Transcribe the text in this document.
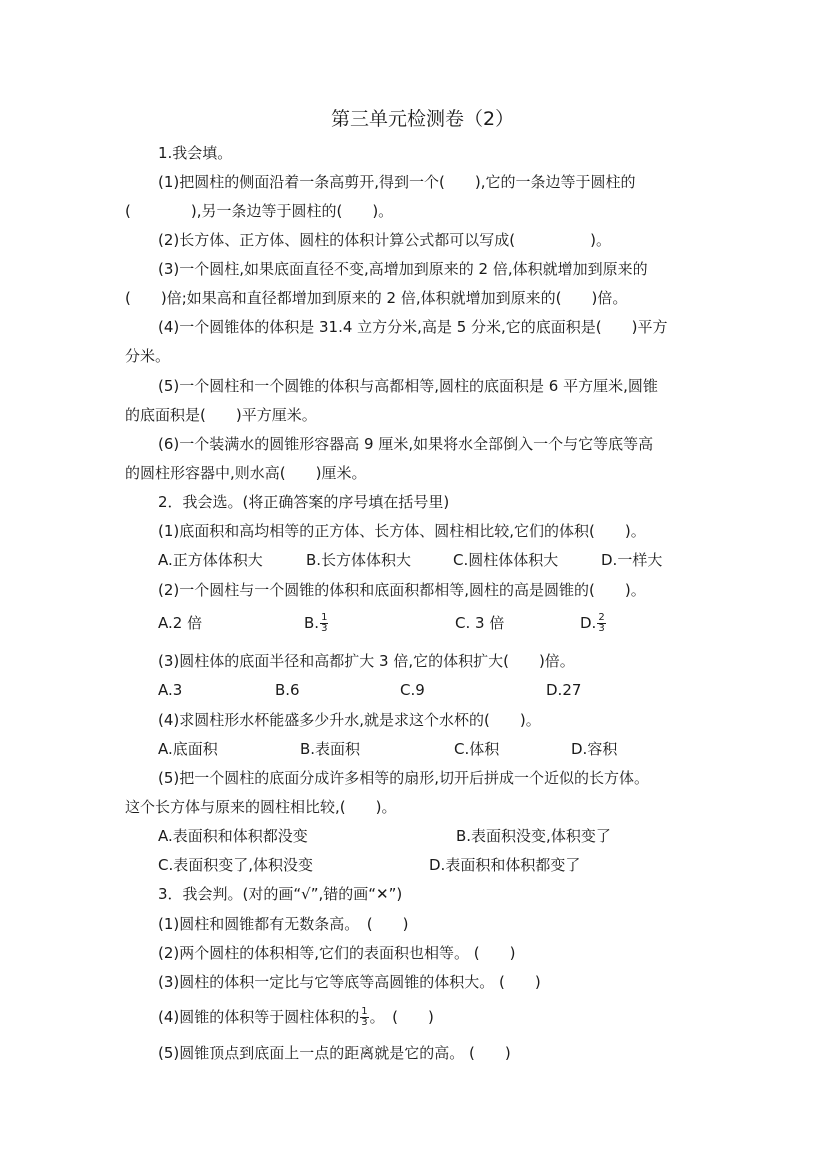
第三单元检测卷（2）
1.我会填。
(1)把圆柱的侧面沿着一条高剪开,得到一个(　　),它的一条边等于圆柱的
(　　　　),另一条边等于圆柱的(　　)。
(2)长方体、正方体、圆柱的体积计算公式都可以写成(　　　　　)。
(3)一个圆柱,如果底面直径不变,高增加到原来的 2 倍,体积就增加到原来的
(　　)倍;如果高和直径都增加到原来的 2 倍,体积就增加到原来的(　　)倍。
(4)一个圆锥体的体积是 31.4 立方分米,高是 5 分米,它的底面积是(　　)平方
分米。
(5)一个圆柱和一个圆锥的体积与高都相等,圆柱的底面积是 6 平方厘米,圆锥
的底面积是(　　)平方厘米。
(6)一个装满水的圆锥形容器高 9 厘米,如果将水全部倒入一个与它等底等高
的圆柱形容器中,则水高(　　)厘米。
2．我会选。(将正确答案的序号填在括号里)
(1)底面积和高均相等的正方体、长方体、圆柱相比较,它们的体积(　　)。
A.正方体体积大	B.长方体体积大	C.圆柱体体积大	D.一样大
(2)一个圆柱与一个圆锥的体积和底面积都相等,圆柱的高是圆锥的(　　)。
A.2 倍	B. $\frac{1}{3}$	C. 3 倍	D. $\frac{2}{3}$
(3)圆柱体的底面半径和高都扩大 3 倍,它的体积扩大(　　)倍。
A.3	B.6	C.9	D.27
(4)求圆柱形水杯能盛多少升水,就是求这个水杯的(　　)。
A.底面积	B.表面积	C.体积	D.容积
(5)把一个圆柱的底面分成许多相等的扇形,切开后拼成一个近似的长方体。
这个长方体与原来的圆柱相比较,(　　)。
A.表面积和体积都没变	B.表面积没变,体积变了
C.表面积变了,体积没变	D.表面积和体积都变了
3．我会判。(对的画“√”,错的画“✕”)
(1)圆柱和圆锥都有无数条高。　(　　)
(2)两个圆柱的体积相等,它们的表面积也相等。 (　　)
(3)圆柱的体积一定比与它等底等高圆锥的体积大。 (　　)
(4)圆锥的体积等于圆柱体积的 $\frac{1}{3}$ 。　(　　)
(5)圆锥顶点到底面上一点的距离就是它的高。 (　　)
